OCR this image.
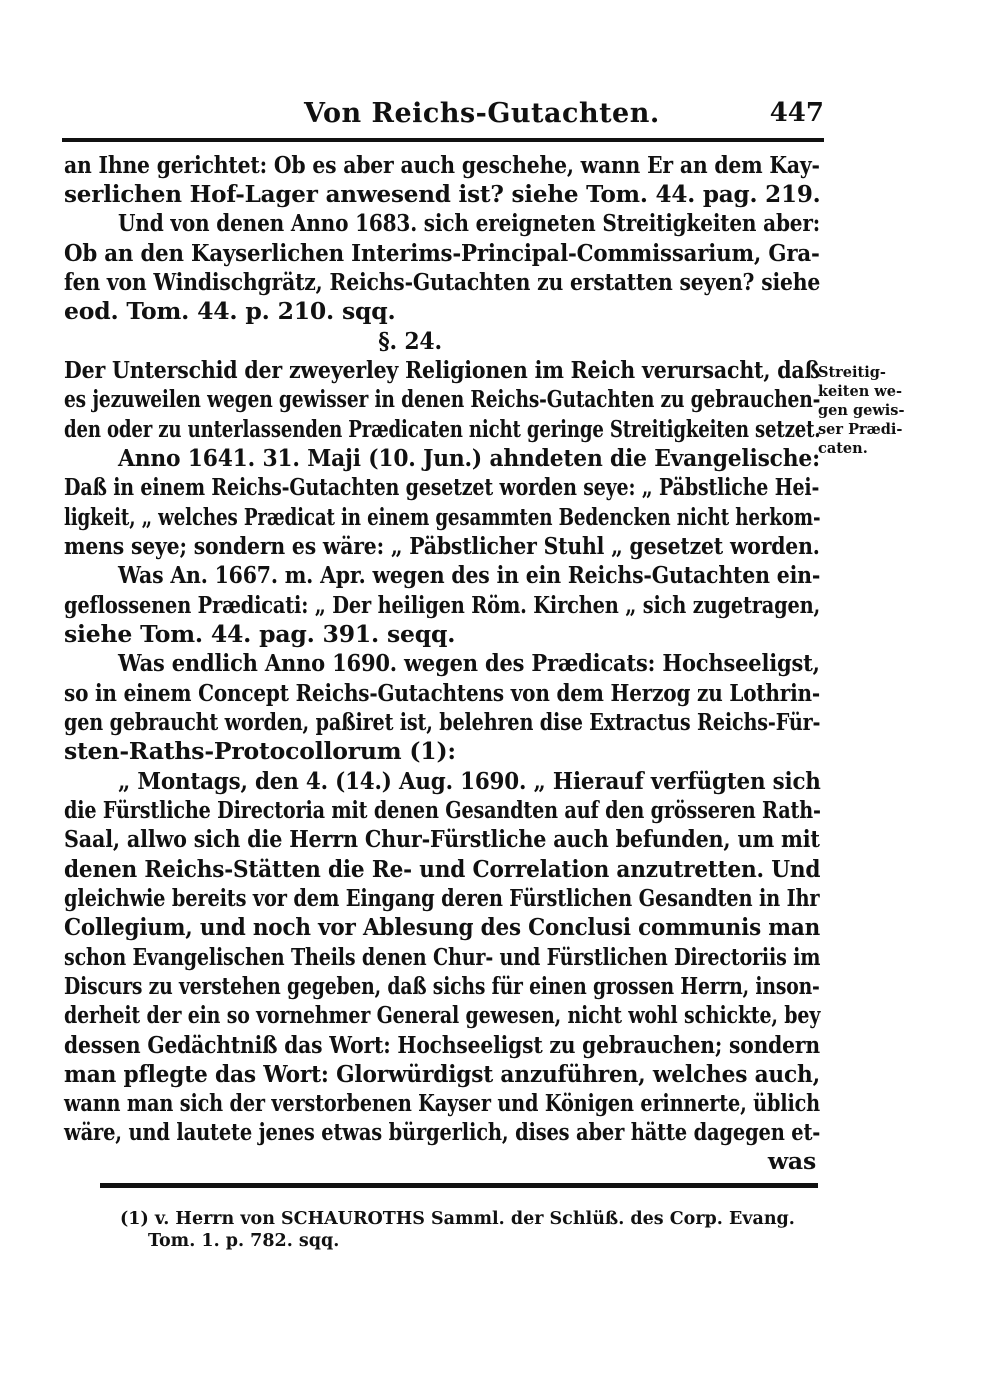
Von Reichs-Gutachten.	447
an Ihne gerichtet: Ob es aber auch geschehe, wann Er an dem Kay-
serlichen Hof-Lager anwesend ist? siehe Tom. 44. pag. 219.
Und von denen Anno 1683. sich ereigneten Streitigkeiten aber:
Ob an den Kayserlichen Interims-Principal-Commissarium, Gra-
fen von Windischgrätz, Reichs-Gutachten zu erstatten seyen? siehe
eod. Tom. 44. p. 210. sqq.
§. 24.
Der Unterschid der zweyerley Religionen im Reich verursacht, daß
es jezuweilen wegen gewisser in denen Reichs-Gutachten zu gebrauchen-
den oder zu unterlassenden Prædicaten nicht geringe Streitigkeiten setzet.
Anno 1641. 31. Maji (10. Jun.) ahndeten die Evangelische:
Daß in einem Reichs-Gutachten gesetzet worden seye: „ Päbstliche Hei-
ligkeit, „ welches Prædicat in einem gesammten Bedencken nicht herkom-
mens seye; sondern es wäre: „ Päbstlicher Stuhl „ gesetzet worden.
Was An. 1667. m. Apr. wegen des in ein Reichs-Gutachten ein-
geflossenen Prædicati: „ Der heiligen Röm. Kirchen „ sich zugetragen,
siehe Tom. 44. pag. 391. seqq.
Was endlich Anno 1690. wegen des Prædicats: Hochseeligst,
so in einem Concept Reichs-Gutachtens von dem Herzog zu Lothrin-
gen gebraucht worden, paßiret ist, belehren dise Extractus Reichs-Für-
sten-Raths-Protocollorum (1):
„ Montags, den 4. (14.) Aug. 1690. „ Hierauf verfügten sich
die Fürstliche Directoria mit denen Gesandten auf den grösseren Rath-
Saal, allwo sich die Herrn Chur-Fürstliche auch befunden, um mit
denen Reichs-Stätten die Re- und Correlation anzutretten. Und
gleichwie bereits vor dem Eingang deren Fürstlichen Gesandten in Ihr
Collegium, und noch vor Ablesung des Conclusi communis man
schon Evangelischen Theils denen Chur- und Fürstlichen Directoriis im
Discurs zu verstehen gegeben, daß sichs für einen grossen Herrn, inson-
derheit der ein so vornehmer General gewesen, nicht wohl schickte, bey
dessen Gedächtniß das Wort: Hochseeligst zu gebrauchen; sondern
man pflegte das Wort: Glorwürdigst anzuführen, welches auch,
wann man sich der verstorbenen Kayser und Königen erinnerte, üblich
wäre, und lautete jenes etwas bürgerlich, dises aber hätte dagegen et-
was
Streitig-
keiten we-
gen gewis-
ser Prædi-
caten.
(1) v. Herrn von SCHAUROTHS Samml. der Schlüß. des Corp. Evang.
Tom. 1. p. 782. sqq.
